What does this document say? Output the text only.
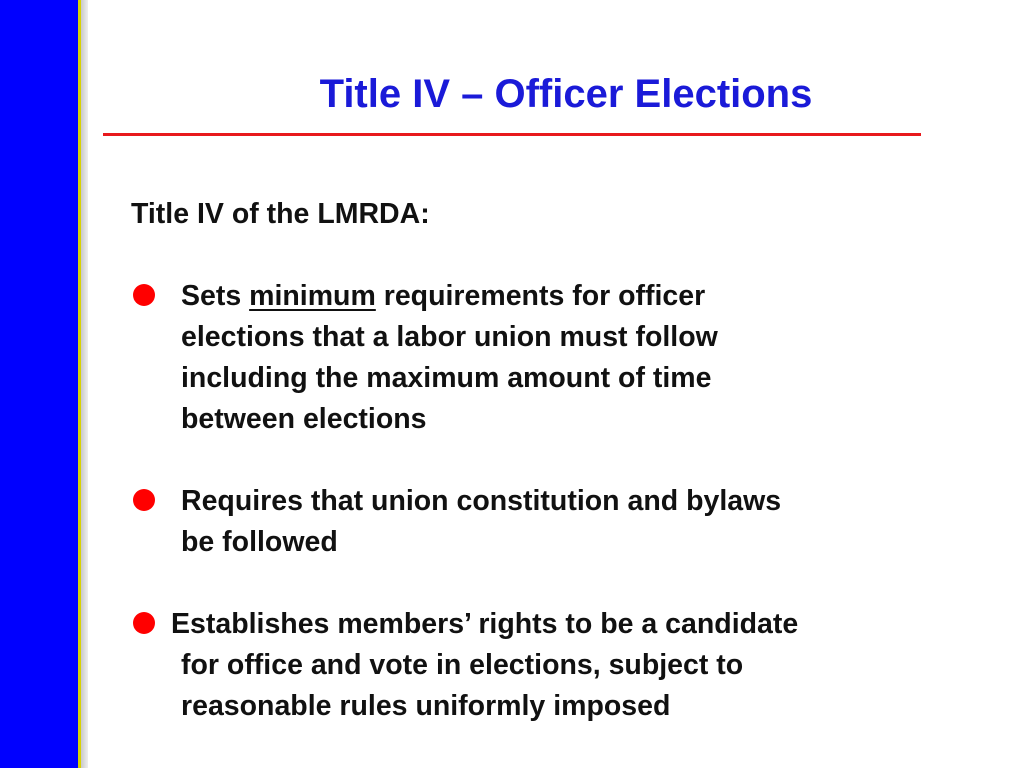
Title IV – Officer Elections

Title IV of the LMRDA:

Sets minimum requirements for officer
elections that a labor union must follow
including the maximum amount of time
between elections
Requires that union constitution and bylaws
be followed
Establishes members’ rights to be a candidate
for office and vote in elections, subject to
reasonable rules uniformly imposed
